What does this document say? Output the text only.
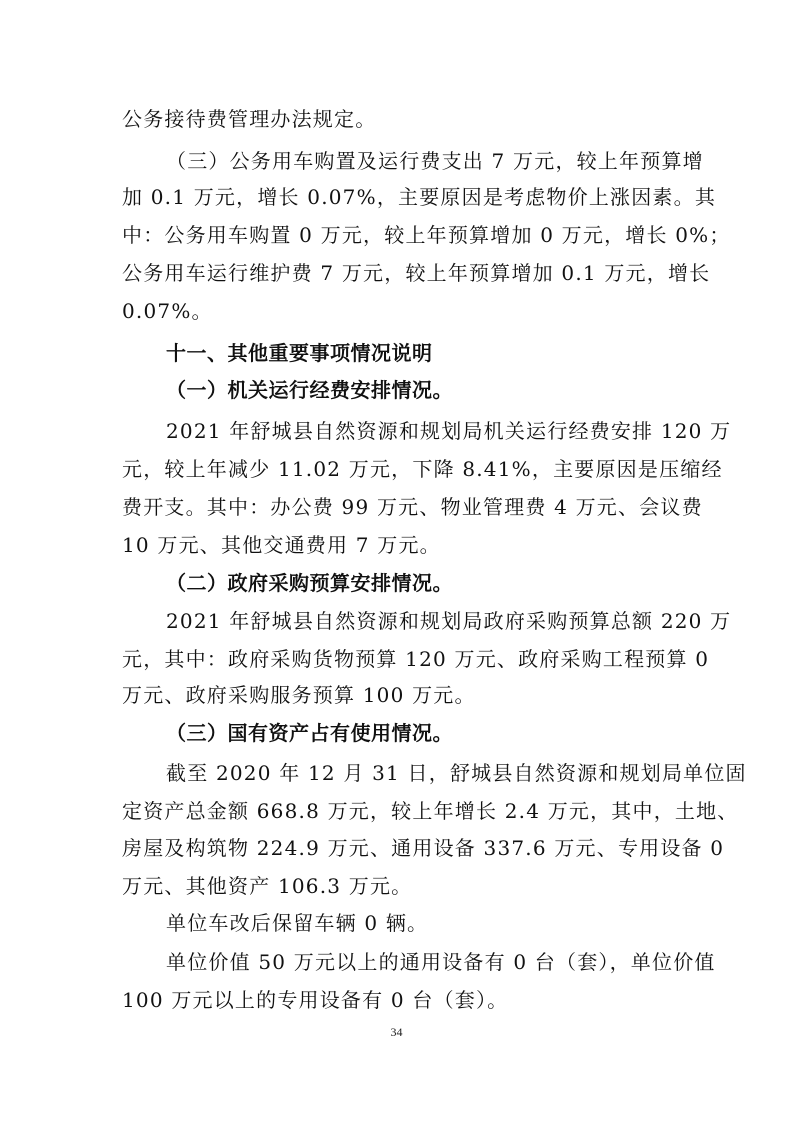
公务接待费管理办法规定。
（三）公务用车购置及运行费支出 7 万元，较上年预算增
加 0.1 万元，增长 0.07%，主要原因是考虑物价上涨因素。其
中：公务用车购置 0 万元，较上年预算增加 0 万元，增长 0%；
公务用车运行维护费 7 万元，较上年预算增加 0.1 万元，增长
0.07%。
十一、其他重要事项情况说明
（一）机关运行经费安排情况。
2021 年舒城县自然资源和规划局机关运行经费安排 120 万
元，较上年减少 11.02 万元，下降 8.41%，主要原因是压缩经
费开支。其中：办公费 99 万元、物业管理费 4 万元、会议费
10 万元、其他交通费用 7 万元。
（二）政府采购预算安排情况。
2021 年舒城县自然资源和规划局政府采购预算总额 220 万
元，其中：政府采购货物预算 120 万元、政府采购工程预算 0
万元、政府采购服务预算 100 万元。
（三）国有资产占有使用情况。
截至 2020 年 12 月 31 日，舒城县自然资源和规划局单位固
定资产总金额 668.8 万元，较上年增长 2.4 万元，其中，土地、
房屋及构筑物 224.9 万元、通用设备 337.6 万元、专用设备 0
万元、其他资产 106.3 万元。
单位车改后保留车辆 0 辆。
单位价值 50 万元以上的通用设备有 0 台（套），单位价值
100 万元以上的专用设备有 0 台（套）。
34
